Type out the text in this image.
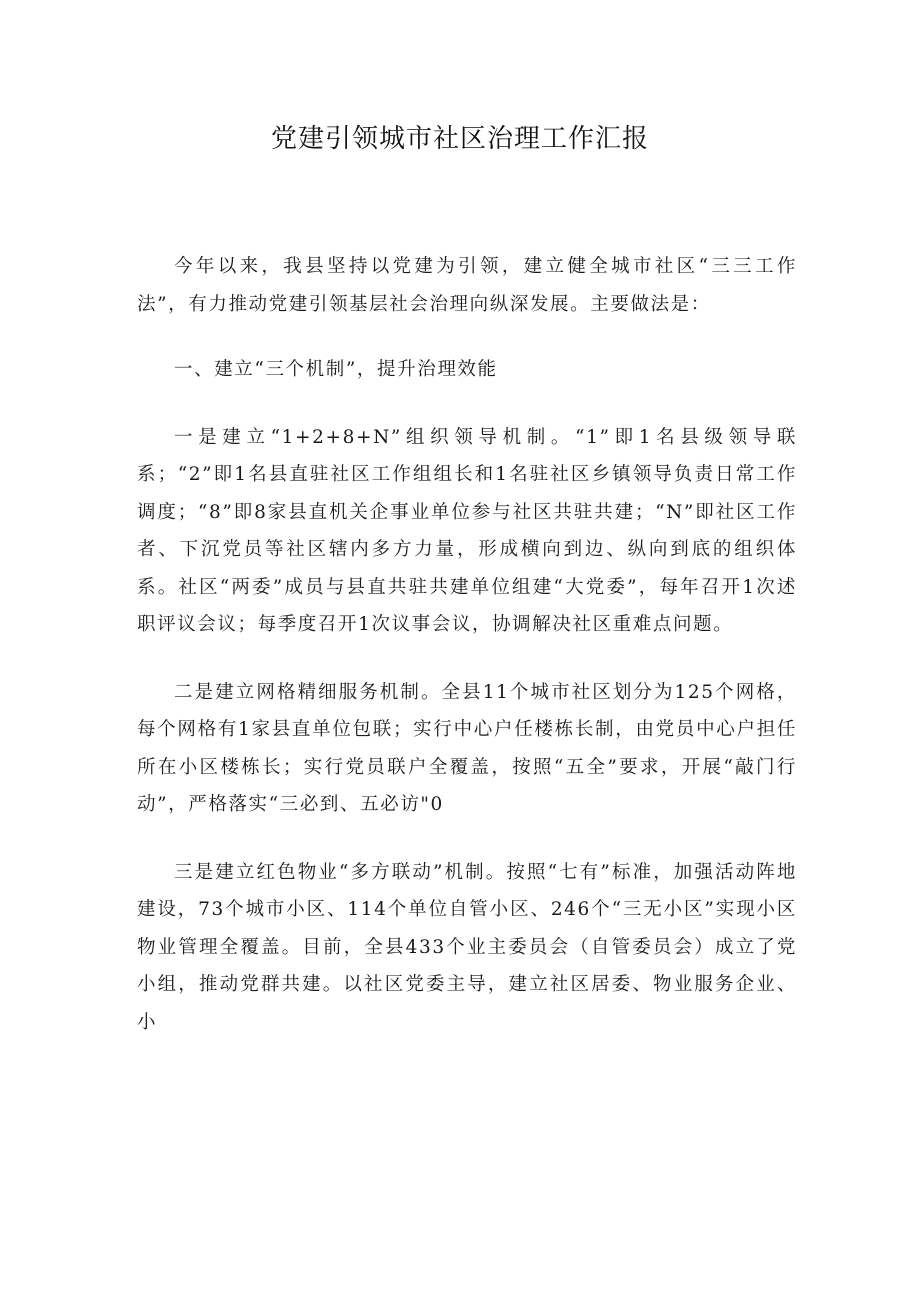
党建引领城市社区治理工作汇报

今年以来，我县坚持以党建为引领，建立健全城市社区“三三工作法”，有力推动党建引领基层社会治理向纵深发展。主要做法是：

一、建立“三个机制”，提升治理效能

一是建立“1+2+8+N”组织领导机制。“1”即1名县级领导联系；“2”即1名县直驻社区工作组组长和1名驻社区乡镇领导负责日常工作调度；“8”即8家县直机关企事业单位参与社区共驻共建；“N”即社区工作者、下沉党员等社区辖内多方力量，形成横向到边、纵向到底的组织体系。社区“两委”成员与县直共驻共建单位组建“大党委”，每年召开1次述职评议会议；每季度召开1次议事会议，协调解决社区重难点问题。

二是建立网格精细服务机制。全县11个城市社区划分为125个网格，每个网格有1家县直单位包联；实行中心户任楼栋长制，由党员中心户担任所在小区楼栋长；实行党员联户全覆盖，按照“五全”要求，开展“敲门行动”，严格落实“三必到、五必访"0

三是建立红色物业“多方联动”机制。按照“七有”标准，加强活动阵地建设，73个城市小区、114个单位自管小区、246个“三无小区”实现小区物业管理全覆盖。目前，全县433个业主委员会（自管委员会）成立了党小组，推动党群共建。以社区党委主导，建立社区居委、物业服务企业、小
